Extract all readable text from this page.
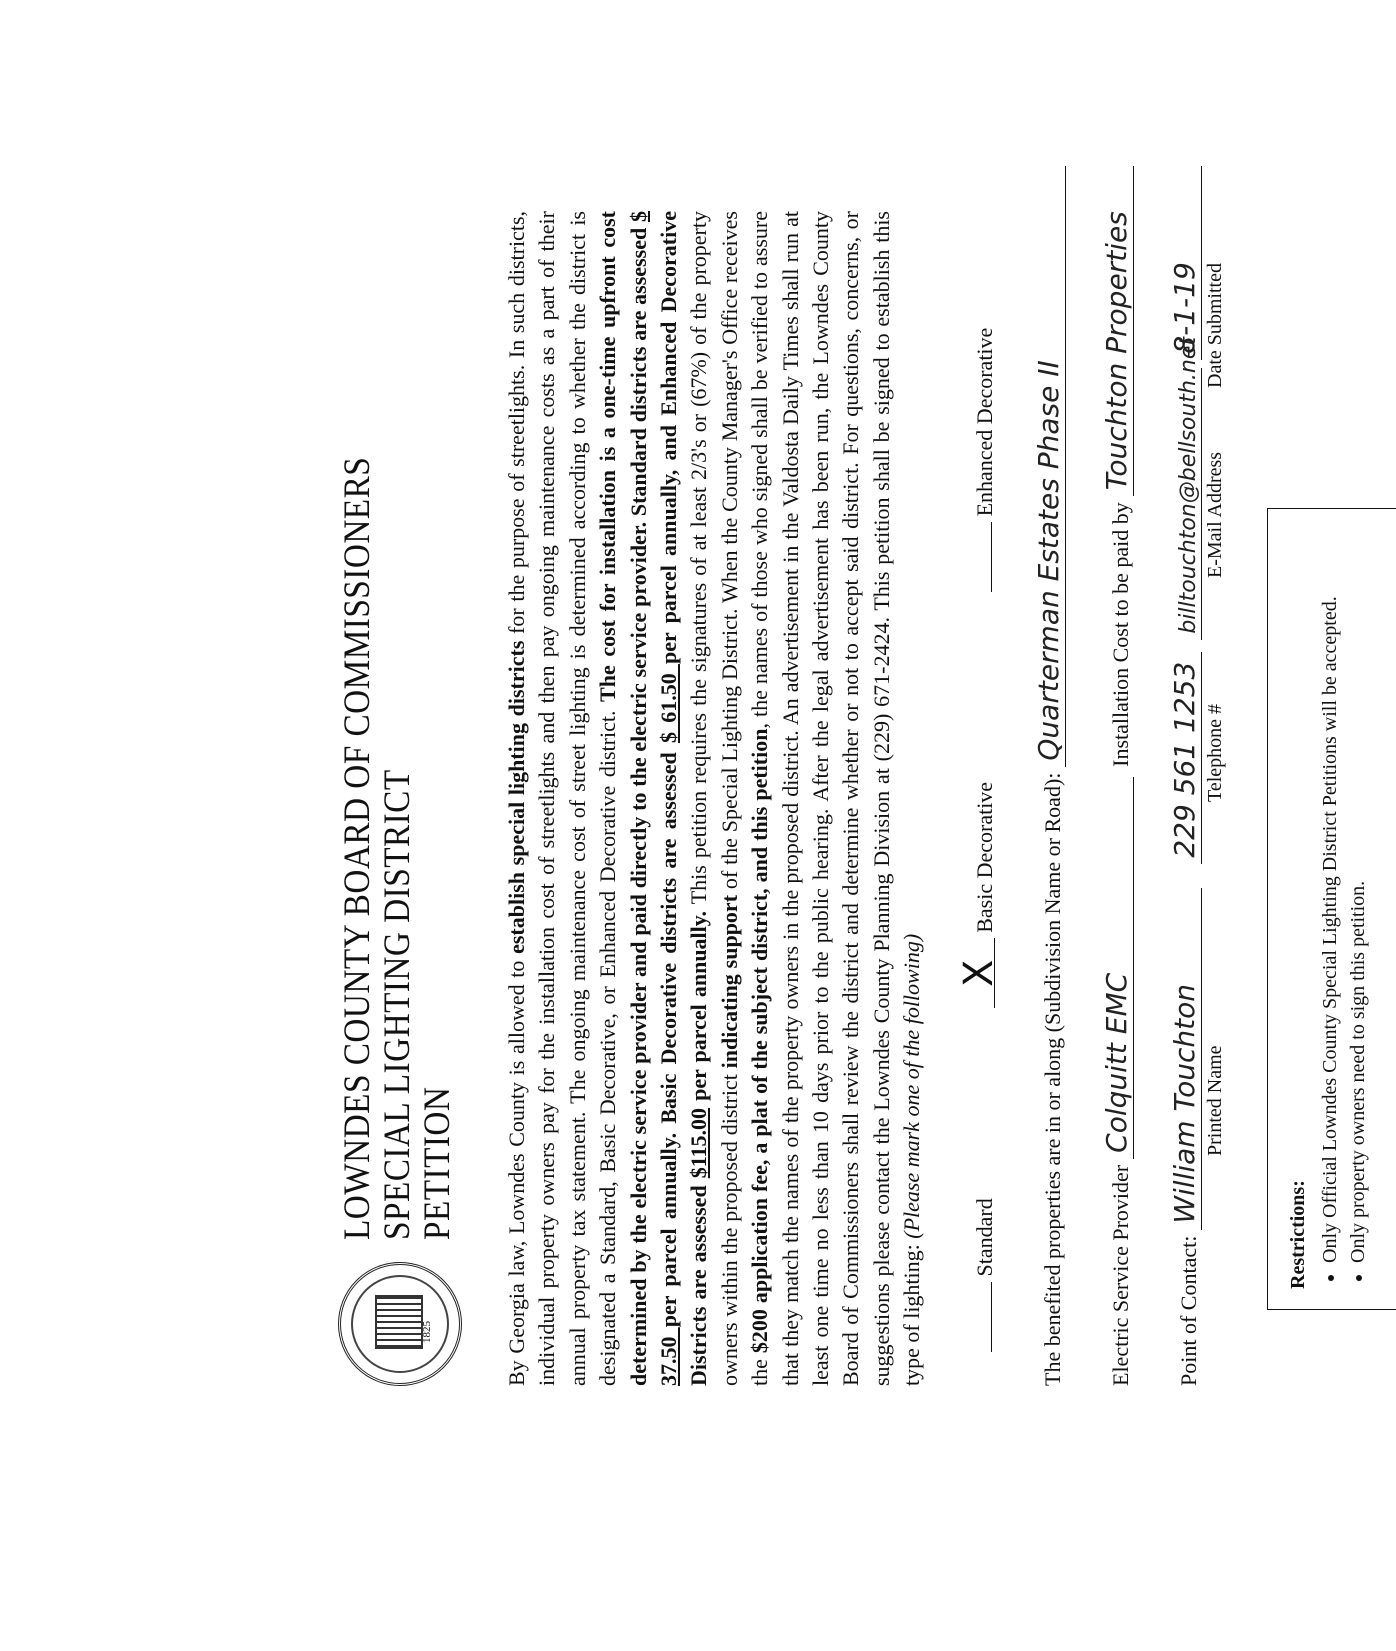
1825
LOWNDES COUNTY BOARD OF COMMISSIONERS SPECIAL LIGHTING DISTRICT PETITION By Georgia law, Lowndes County is allowed to establish special lighting districts for the purpose of streetlights. In such districts, individual property owners pay for the installation cost of streetlights and then pay ongoing maintenance costs as a part of their annual property tax statement. The ongoing maintenance cost of street lighting is determined according to whether the district is designated a Standard, Basic Decorative, or Enhanced Decorative district. The cost for installation is a one-time upfront cost determined by the electric service provider and paid directly to the electric service provider. Standard districts are assessed $ 37.50 per parcel annually. Basic Decorative districts are assessed $ 61.50 per parcel annually, and Enhanced Decorative Districts are assessed $115.00 per parcel annually. This petition requires the signatures of at least 2/3's or (67%) of the property owners within the proposed district indicating support of the Special Lighting District. When the County Manager's Office receives the $200 application fee, a plat of the subject district, and this petition, the names of those who signed shall be verified to assure that they match the names of the property owners in the proposed district. An advertisement in the Valdosta Daily Times shall run at least one time no less than 10 days prior to the public hearing. After the legal advertisement has been run, the Lowndes County Board of Commissioners shall review the district and determine whether or not to accept said district. For questions, concerns, or suggestions please contact the Lowndes County Planning Division at (229) 671-2424. This petition shall be signed to establish this type of lighting: (Please mark one of the following) Standard
X Basic Decorative
Enhanced Decorative
The benefited properties are in or along (Subdivision Name or Road):
Quarterman Estates Phase II
Electric Service Provider
Colquitt EMC
Installation Cost to be paid by
Touchton Properties
Point of Contact:
William Touchton
229 561 1253
billtouchton@bellsouth.net
8-1-19
Printed Name
Telephone #
E-Mail Address
Date Submitted
Restrictions: • Only Official Lowndes County Special Lighting District Petitions will be accepted. • Only property owners need to sign this petition.
